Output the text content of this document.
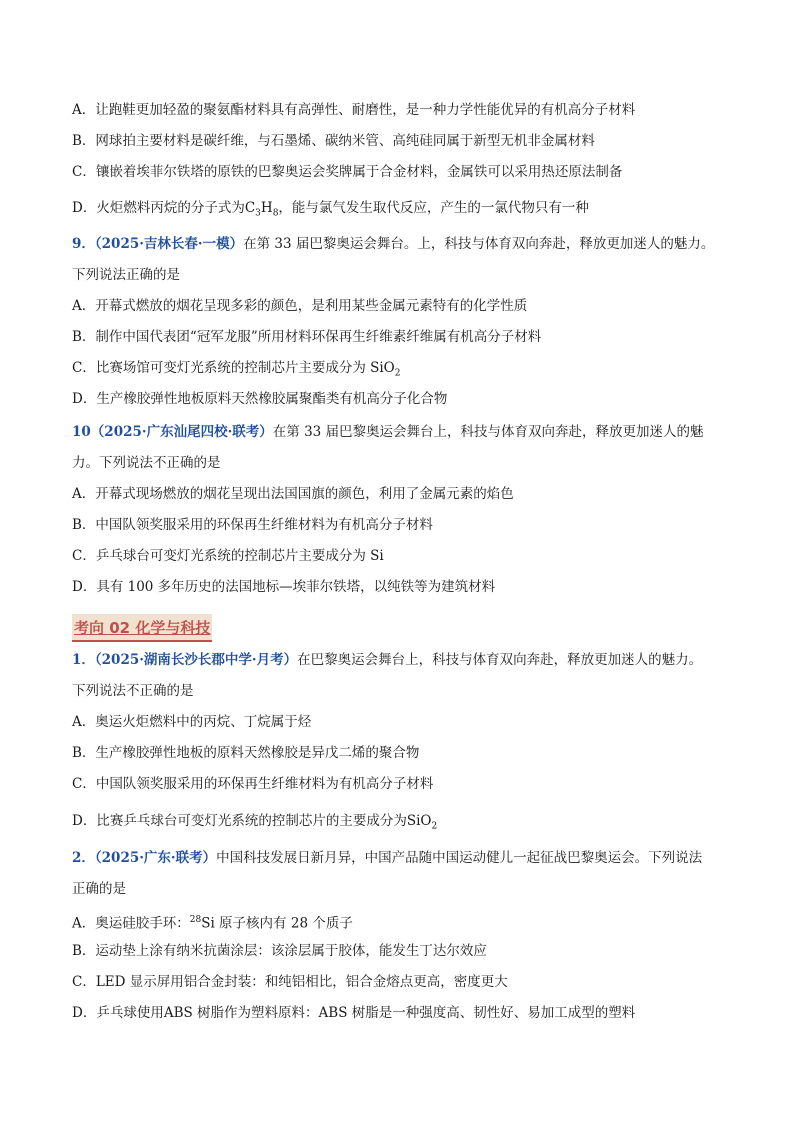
A．让跑鞋更加轻盈的聚氨酯材料具有高弹性、耐磨性，是一种力学性能优异的有机高分子材料
B．网球拍主要材料是碳纤维，与石墨烯、碳纳米管、高纯硅同属于新型无机非金属材料
C．镶嵌着埃菲尔铁塔的原铁的巴黎奥运会奖牌属于合金材料，金属铁可以采用热还原法制备
D．火炬燃料丙烷的分子式为$C_3H_8$，能与氯气发生取代反应，产生的一氯代物只有一种
9．（2025·吉林长春·一模）在第 33 届巴黎奥运会舞台。上，科技与体育双向奔赴，释放更加迷人的魅力。
下列说法正确的是
A．开幕式燃放的烟花呈现多彩的颜色，是利用某些金属元素特有的化学性质
B．制作中国代表团“冠军龙服”所用材料环保再生纤维素纤维属有机高分子材料
C．比赛场馆可变灯光系统的控制芯片主要成分为 SiO$_2$
D．生产橡胶弹性地板原料天然橡胶属聚酯类有机高分子化合物
10（2025·广东汕尾四校·联考）在第 33 届巴黎奥运会舞台上，科技与体育双向奔赴，释放更加迷人的魅
力。下列说法不正确的是
A．开幕式现场燃放的烟花呈现出法国国旗的颜色，利用了金属元素的焰色
B．中国队领奖服采用的环保再生纤维材料为有机高分子材料
C．乒乓球台可变灯光系统的控制芯片主要成分为 Si
D．具有 100 多年历史的法国地标—埃菲尔铁塔，以纯铁等为建筑材料
考向 02 化学与科技
1．（2025·湖南长沙长郡中学·月考）在巴黎奥运会舞台上，科技与体育双向奔赴，释放更加迷人的魅力。
下列说法不正确的是
A．奥运火炬燃料中的丙烷、丁烷属于烃
B．生产橡胶弹性地板的原料天然橡胶是异戊二烯的聚合物
C．中国队领奖服采用的环保再生纤维材料为有机高分子材料
D．比赛乒乓球台可变灯光系统的控制芯片的主要成分为SiO$_2$
2．（2025·广东·联考）中国科技发展日新月异，中国产品随中国运动健儿一起征战巴黎奥运会。下列说法
正确的是
A．奥运硅胶手环：$^{28}$Si 原子核内有 28 个质子
B．运动垫上涂有纳米抗菌涂层：该涂层属于胶体，能发生丁达尔效应
C．LED 显示屏用铝合金封装：和纯铝相比，铝合金熔点更高，密度更大
D．乒乓球使用ABS 树脂作为塑料原料：ABS 树脂是一种强度高、韧性好、易加工成型的塑料
